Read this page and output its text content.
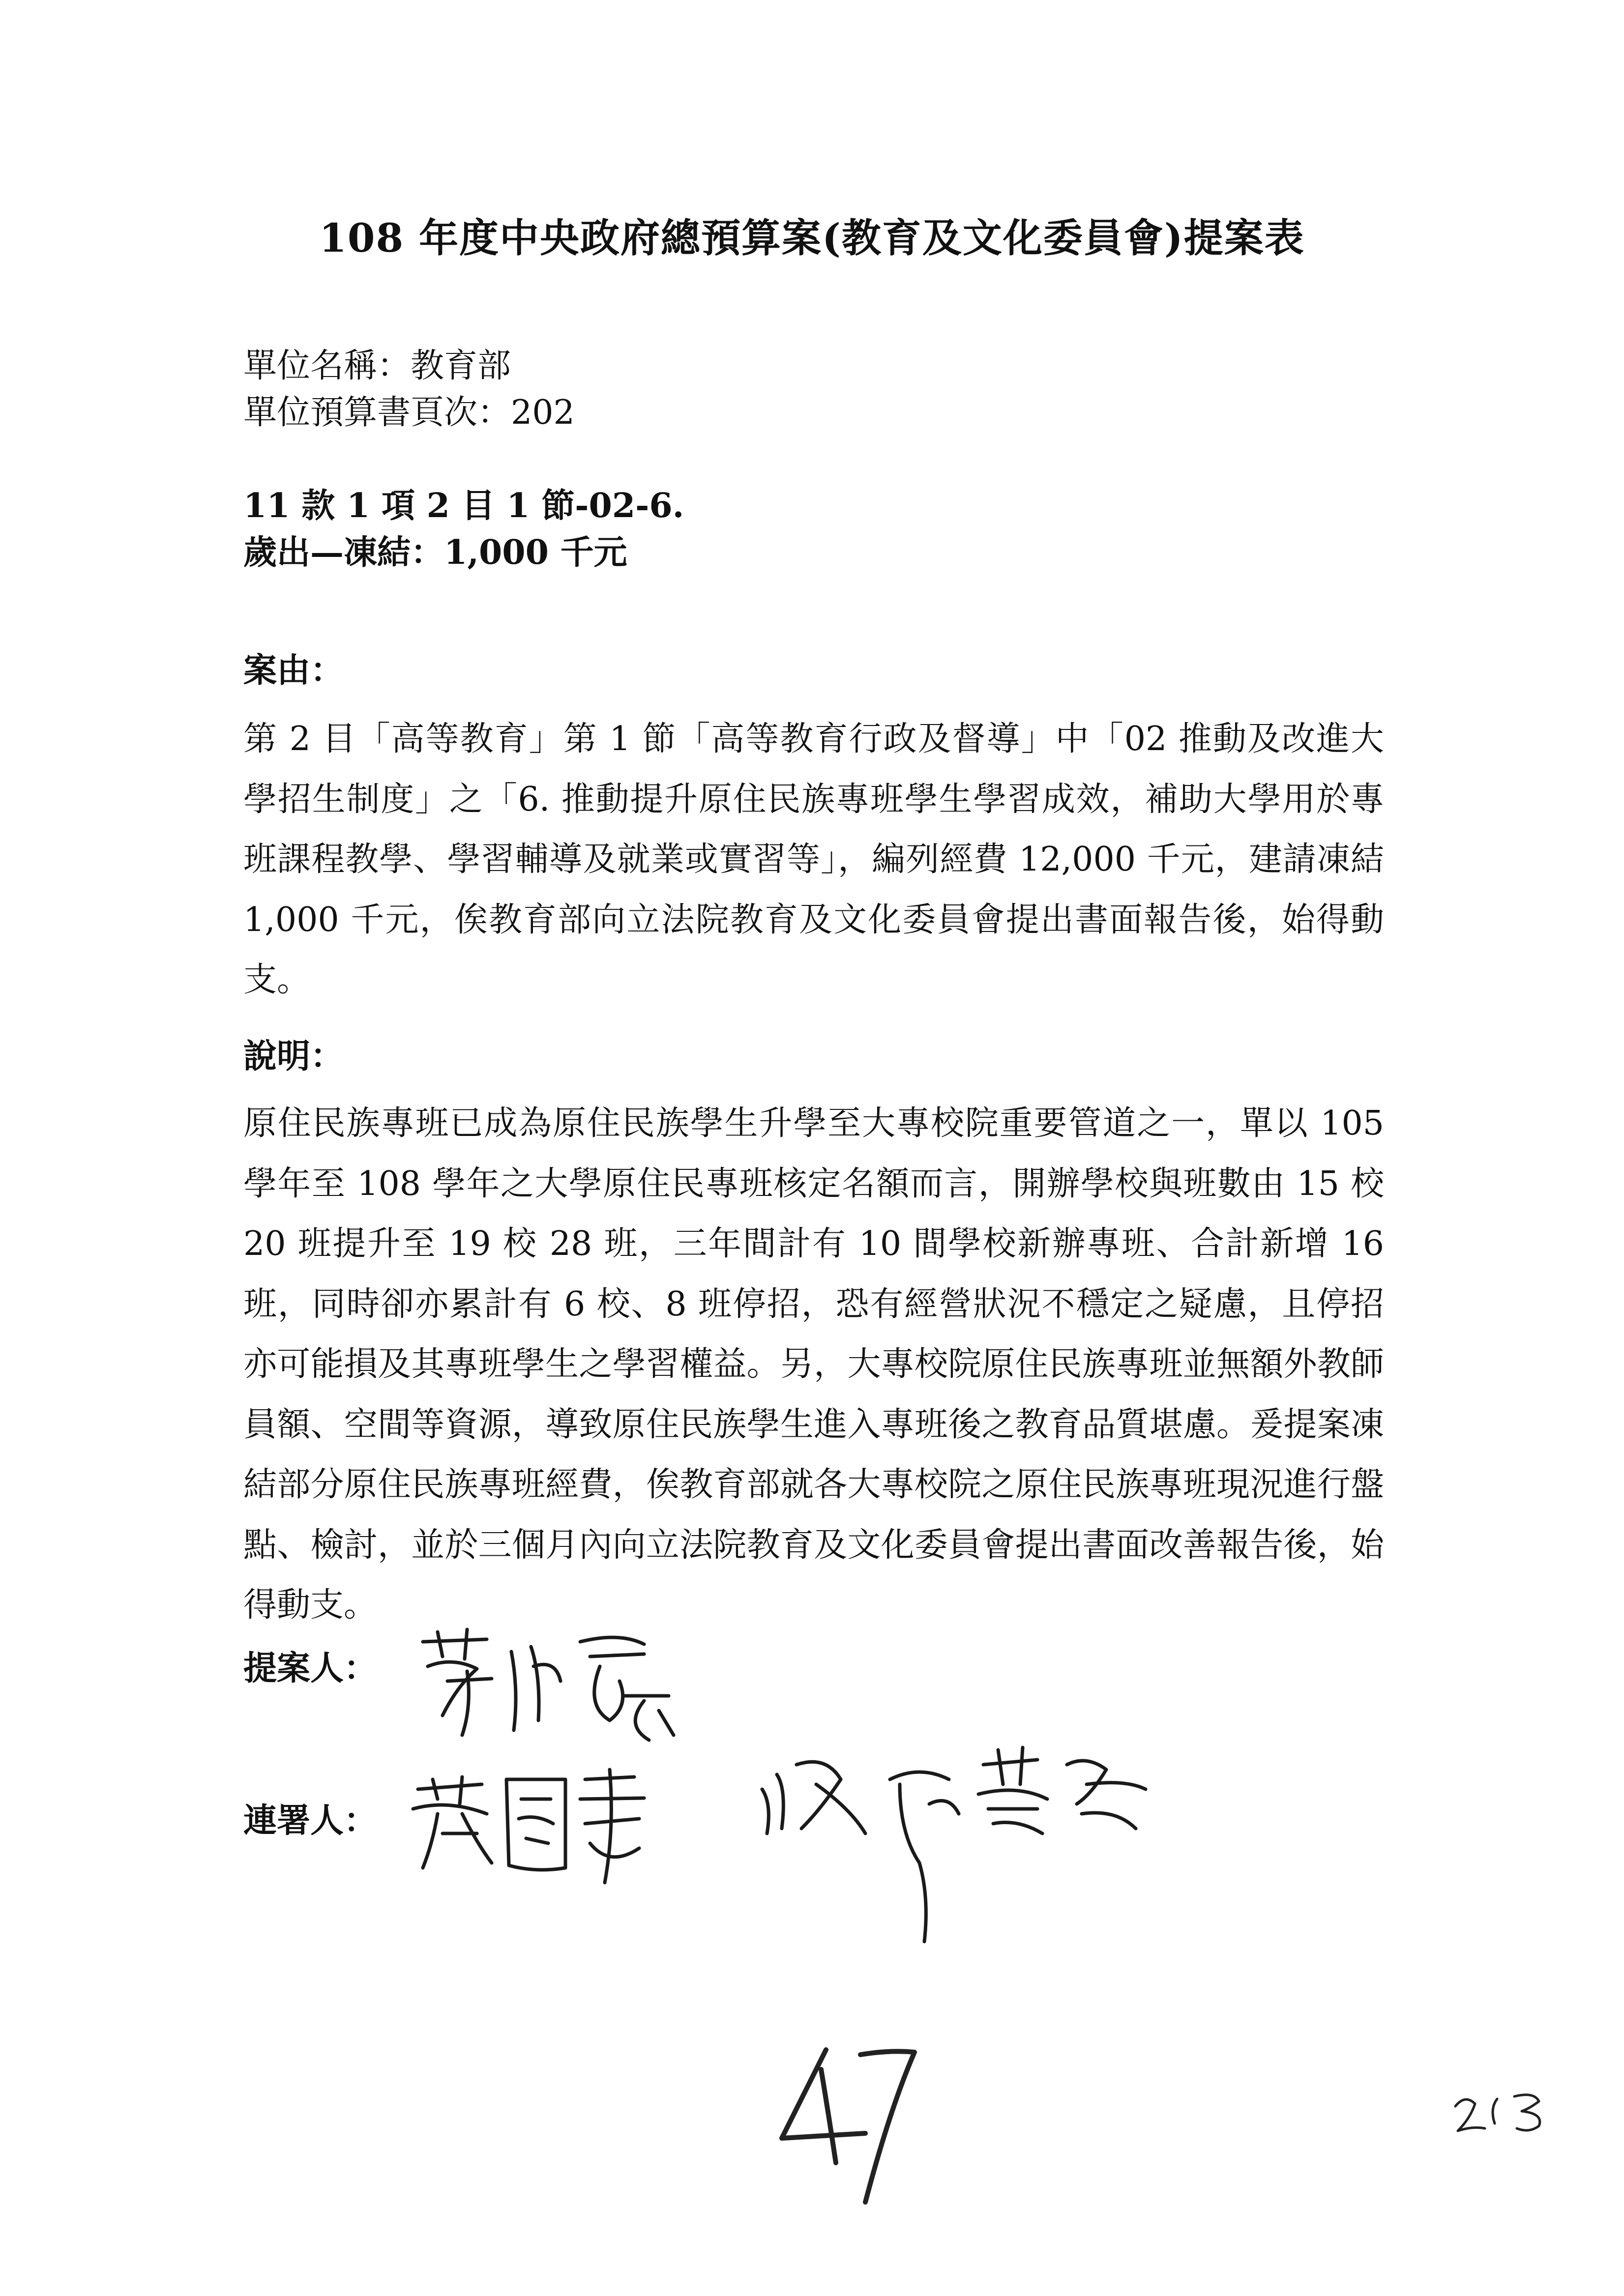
108 年度中央政府總預算案(教育及文化委員會)提案表
單位名稱：教育部
單位預算書頁次：202
11 款 1 項 2 目 1 節-02-6.
歲出—凍結：1,000 千元
案由：
第 2 目「高等教育」第 1 節「高等教育行政及督導」中「02 推動及改進大學招生制度」之「6. 推動提升原住民族專班學生學習成效，補助大學用於專班課程教學、學習輔導及就業或實習等」，編列經費 12,000 千元，建請凍結 1,000 千元，俟教育部向立法院教育及文化委員會提出書面報告後，始得動支。
說明：
原住民族專班已成為原住民族學生升學至大專校院重要管道之一，單以 105 學年至 108 學年之大學原住民專班核定名額而言，開辦學校與班數由 15 校 20 班提升至 19 校 28 班，三年間計有 10 間學校新辦專班、合計新增 16 班，同時卻亦累計有 6 校、8 班停招，恐有經營狀況不穩定之疑慮，且停招亦可能損及其專班學生之學習權益。另，大專校院原住民族專班並無額外教師員額、空間等資源，導致原住民族學生進入專班後之教育品質堪慮。爰提案凍結部分原住民族專班經費，俟教育部就各大專校院之原住民族專班現況進行盤點、檢討，並於三個月內向立法院教育及文化委員會提出書面改善報告後，始得動支。
提案人：
連署人：
